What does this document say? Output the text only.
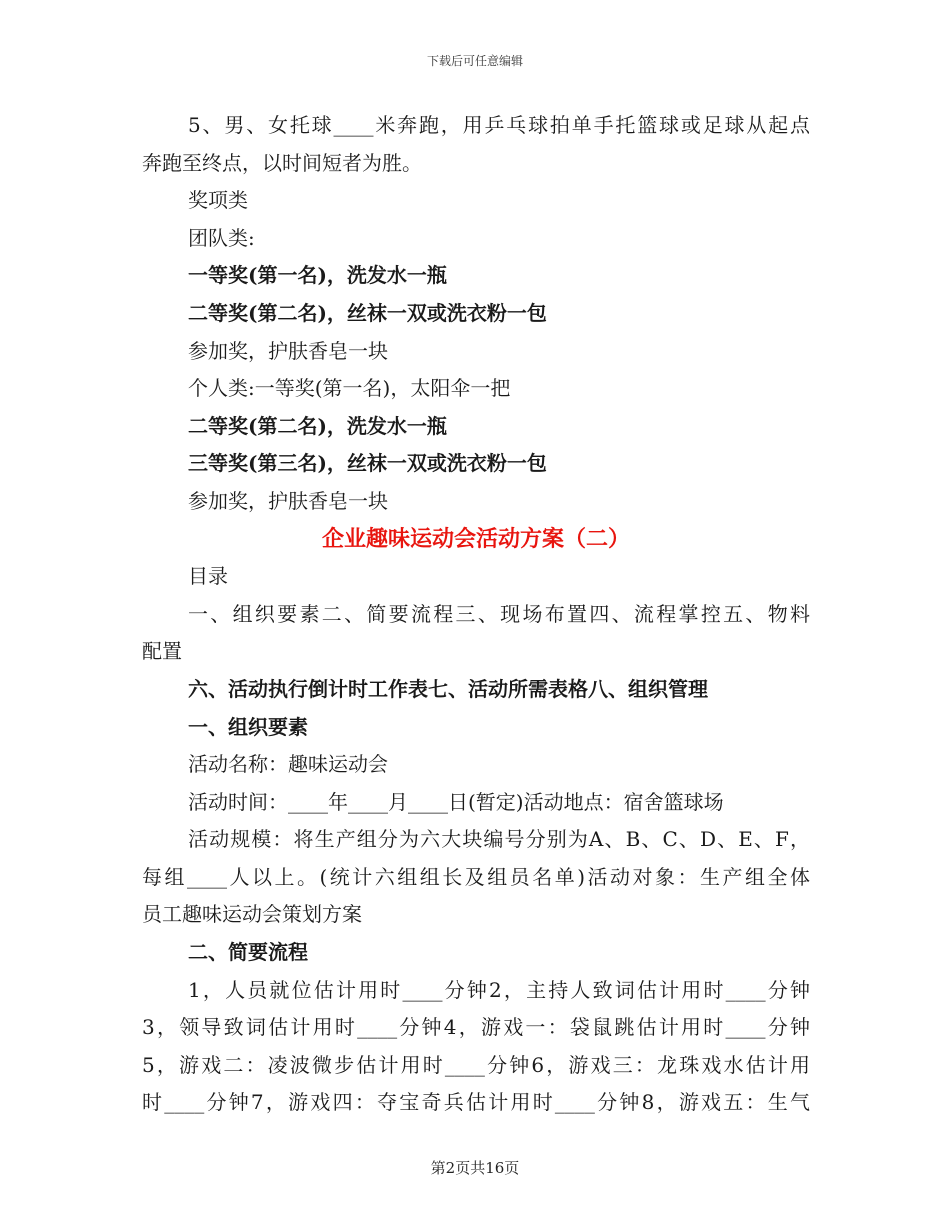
下载后可任意编辑

5、男、女托球____米奔跑，用乒乓球拍单手托篮球或足球从起点

奔跑至终点，以时间短者为胜。

奖项类

团队类:

一等奖(第一名)，洗发水一瓶

二等奖(第二名)，丝袜一双或洗衣粉一包

参加奖，护肤香皂一块

个人类:一等奖(第一名)，太阳伞一把

二等奖(第二名)，洗发水一瓶

三等奖(第三名)，丝袜一双或洗衣粉一包

参加奖，护肤香皂一块

企业趣味运动会活动方案（二）

目录

一、组织要素二、简要流程三、现场布置四、流程掌控五、物料

配置

六、活动执行倒计时工作表七、活动所需表格八、组织管理

一、组织要素

活动名称：趣味运动会

活动时间：____年____月____日(暂定)活动地点：宿舍篮球场

活动规模：将生产组分为六大块编号分别为A、B、C、D、E、F，

每组____人以上。(统计六组组长及组员名单)活动对象：生产组全体

员工趣味运动会策划方案

二、简要流程

1，人员就位估计用时____分钟2，主持人致词估计用时____分钟

3，领导致词估计用时____分钟4，游戏一：袋鼠跳估计用时____分钟

5，游戏二：凌波微步估计用时____分钟6，游戏三：龙珠戏水估计用

时____分钟7，游戏四：夺宝奇兵估计用时____分钟8，游戏五：生气

第2页共16页
